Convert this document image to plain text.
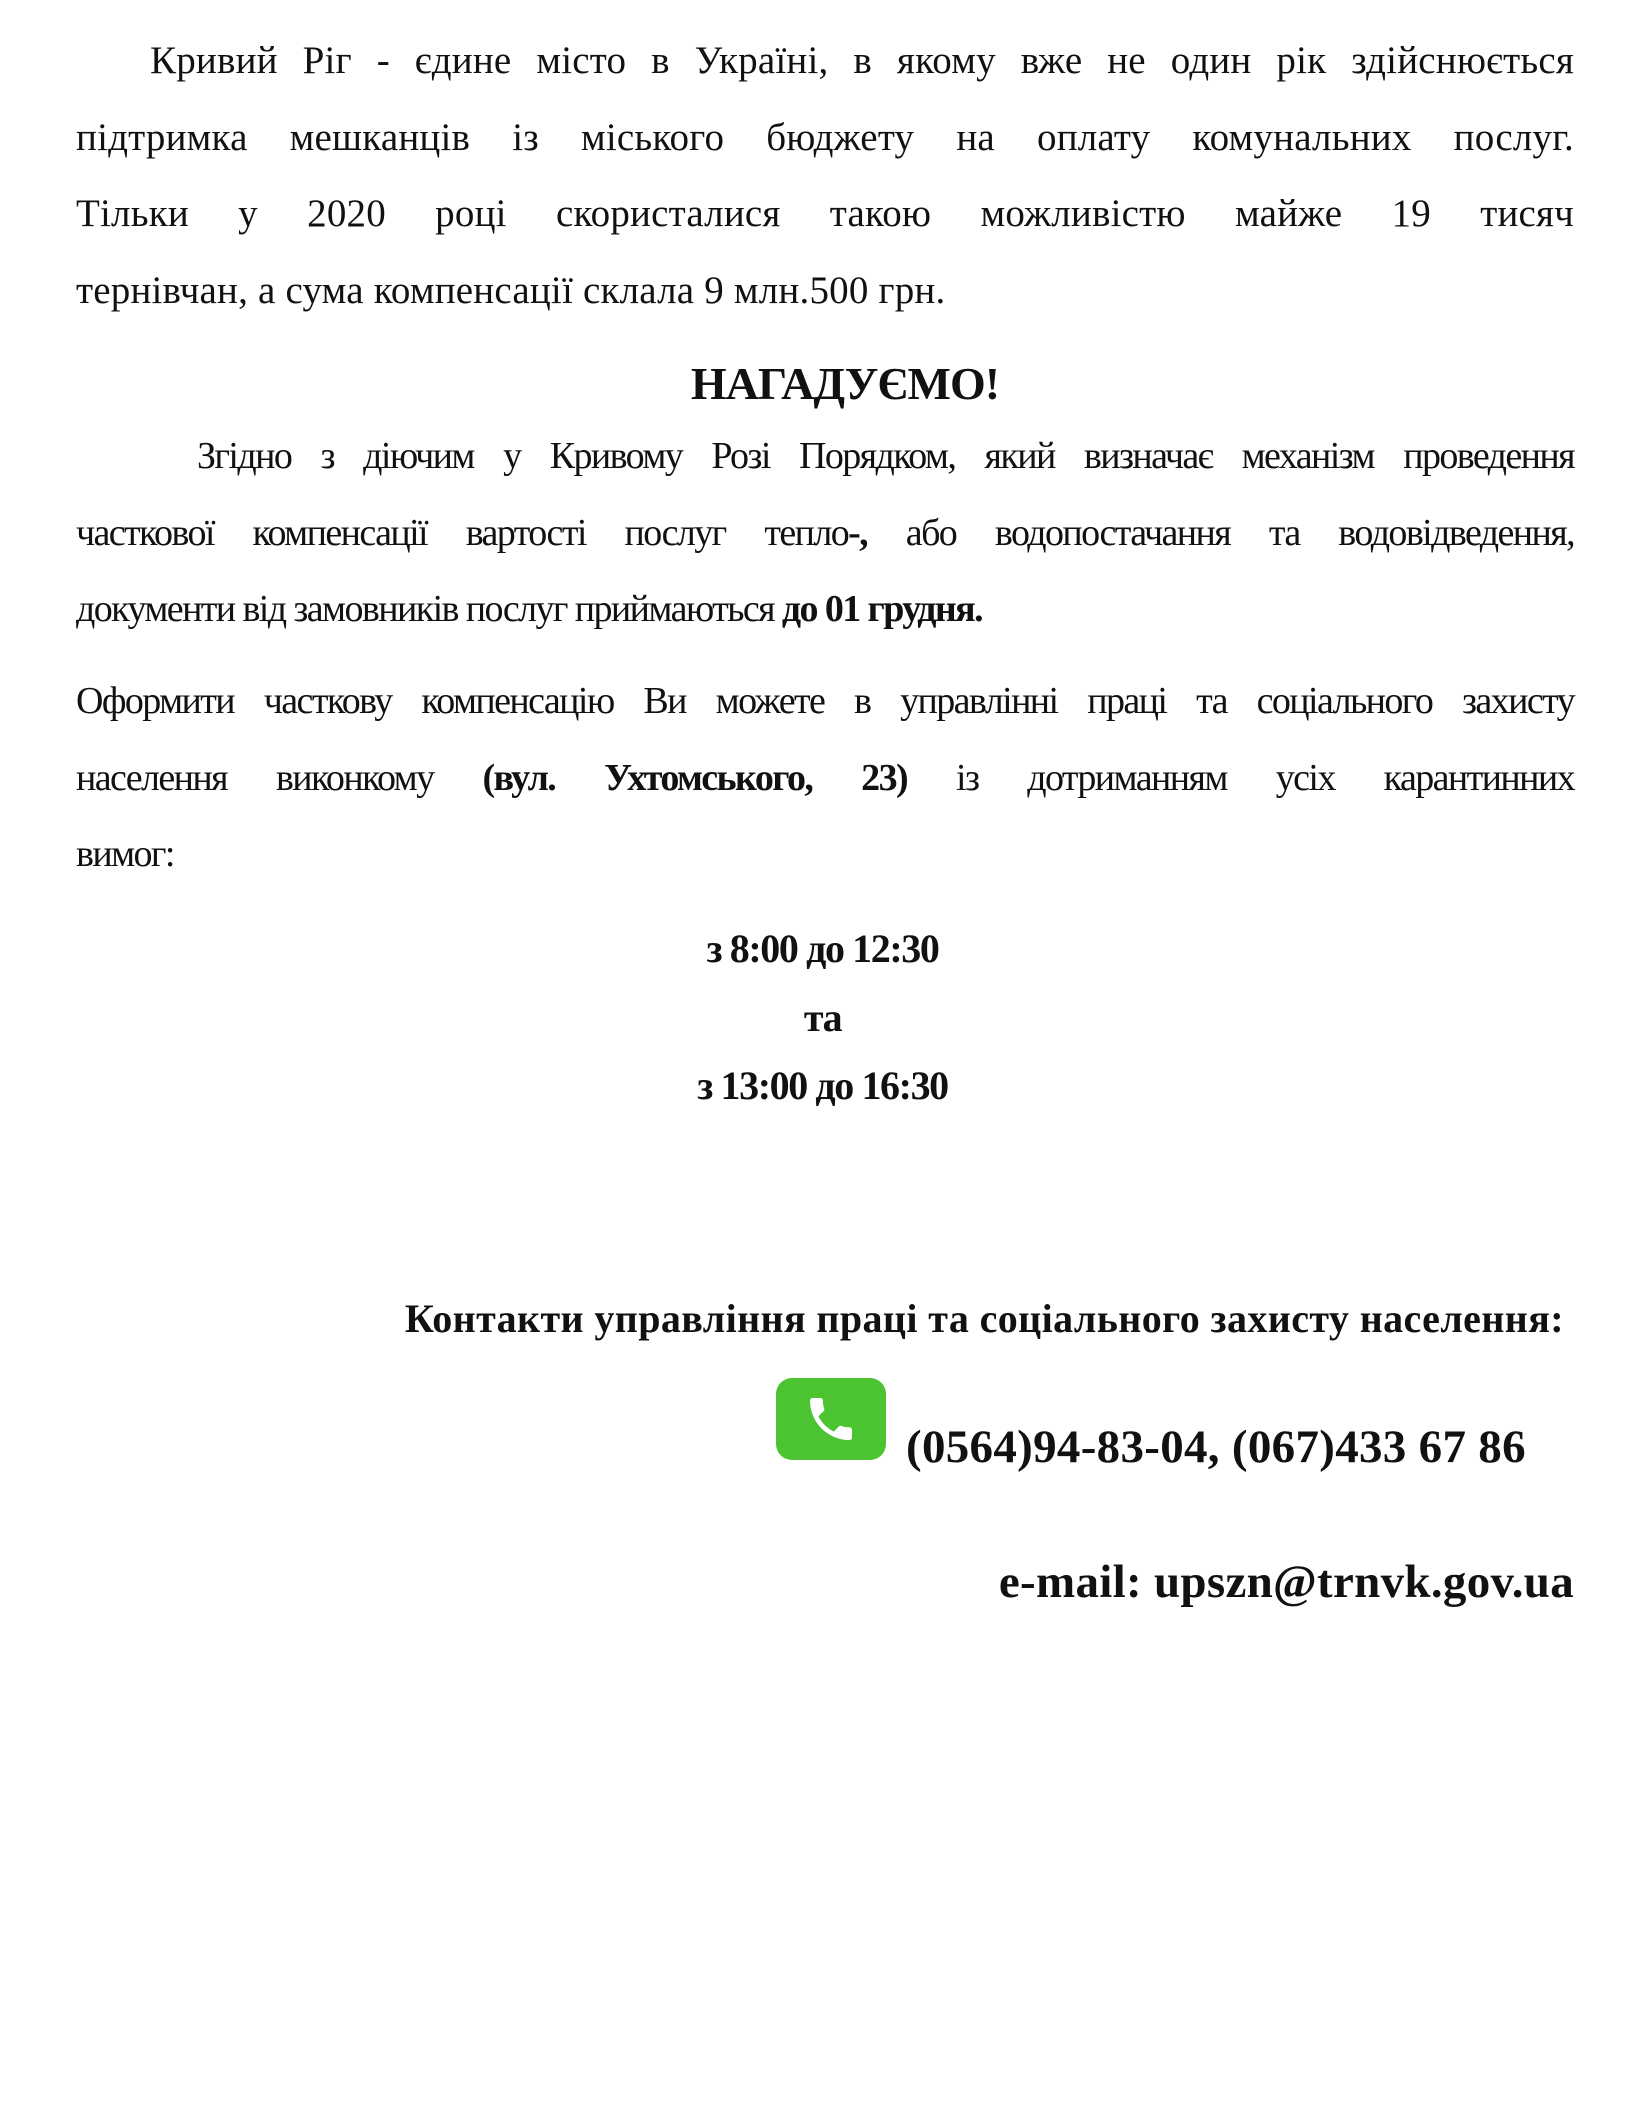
Кривий Ріг - єдине місто в Україні, в якому вже не один рік здійснюється
підтримка мешканців із міського бюджету на оплату комунальних послуг.
Тільки у 2020 році скористалися такою можливістю майже 19 тисяч
тернівчан, а сума компенсації склала 9 млн.500 грн.
НАГАДУЄМО!
Згідно з діючим у Кривому Розі Порядком, який визначає механізм проведення
часткової компенсації вартості послуг тепло-, або водопостачання та водовідведення,
документи від замовників послуг приймаються до 01 грудня.
Оформити часткову компенсацію Ви можете в управлінні праці та соціального захисту
населення виконкому (вул. Ухтомського, 23) із дотриманням усіх карантинних
вимог:
з 8:00 до 12:30
та
з 13:00 до 16:30
Контакти управління праці та соціального захисту населення:
(0564)94-83-04, (067)433 67 86
e-mail: upszn@trnvk.gov.ua
